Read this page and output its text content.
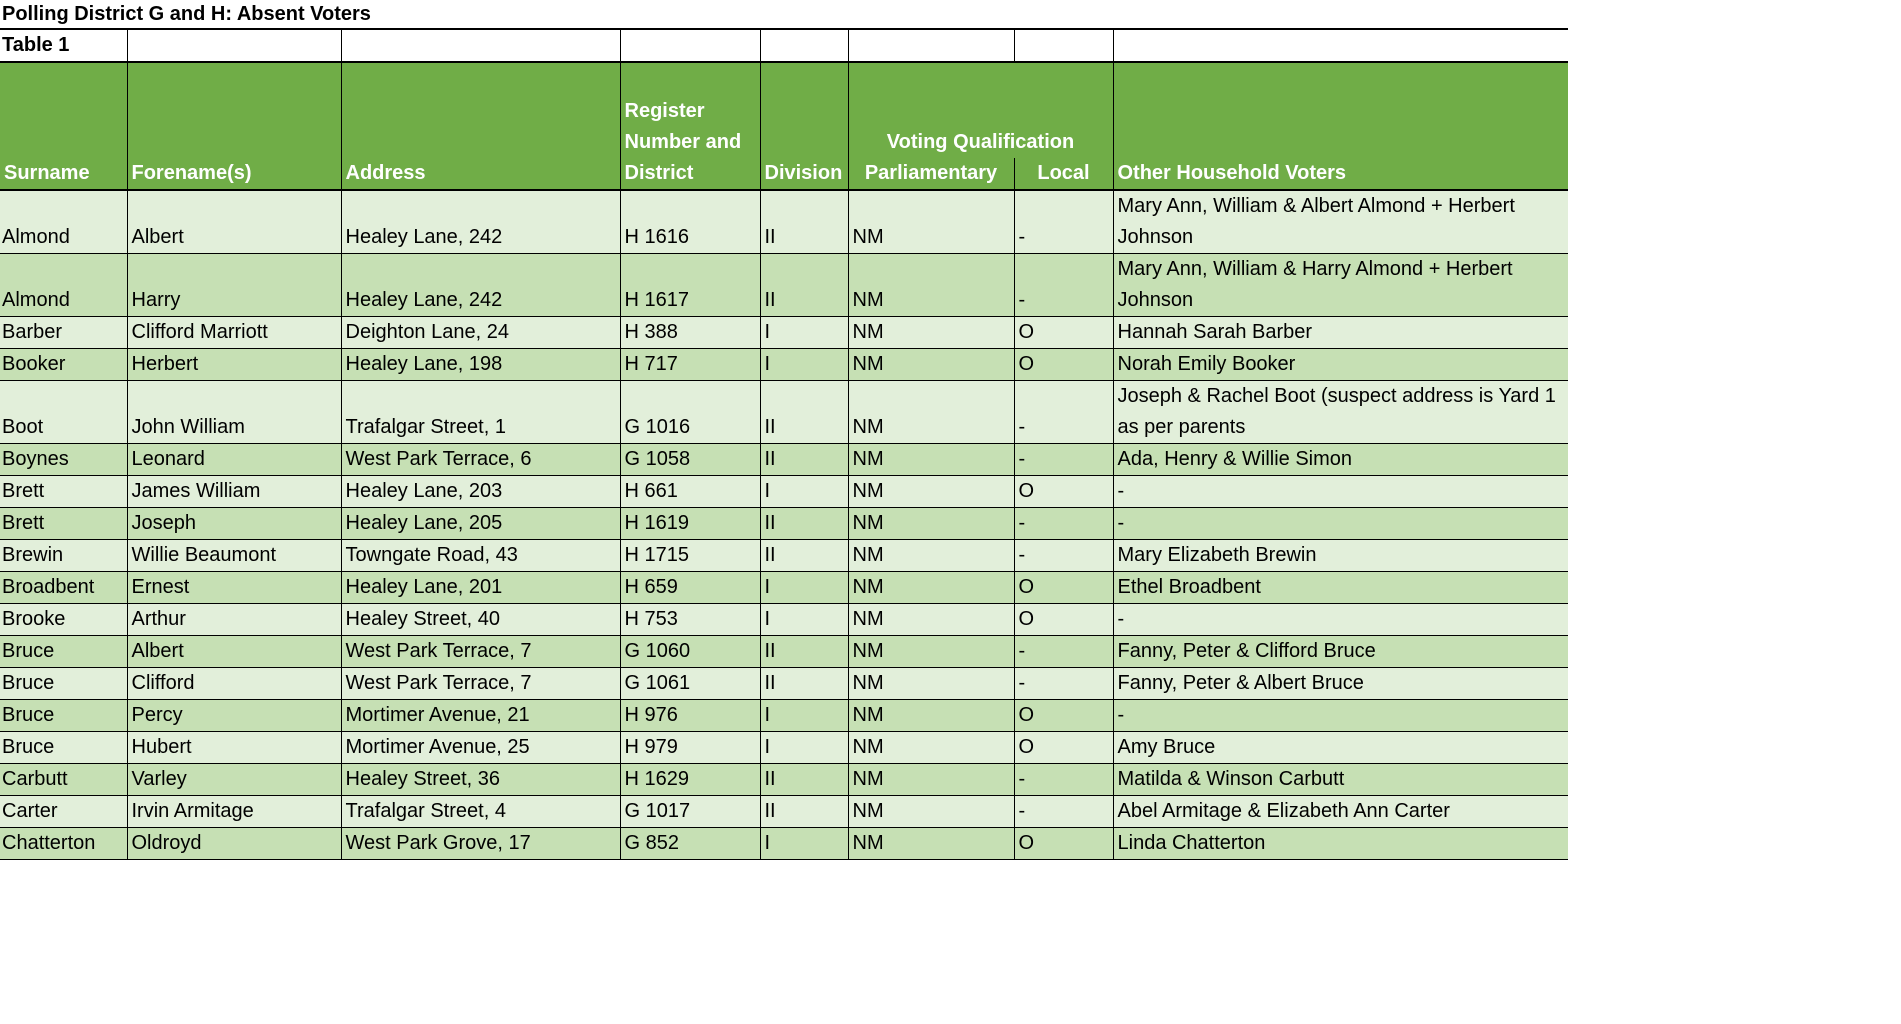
Polling District G and H: Absent Voters
Table 1							
Surname	Forename(s)	Address	Register Number and District	Division	Voting Qualification		Other Household Voters
					Parliamentary	Local	
Almond	Albert	Healey Lane, 242	H 1616	II	NM	-	Mary Ann, William & Albert Almond + Herbert Johnson
Almond	Harry	Healey Lane, 242	H 1617	II	NM	-	Mary Ann, William & Harry Almond + Herbert Johnson
Barber	Clifford Marriott	Deighton Lane, 24	H 388	I	NM	O	Hannah Sarah Barber
Booker	Herbert	Healey Lane, 198	H 717	I	NM	O	Norah Emily Booker
Boot	John William	Trafalgar Street, 1	G 1016	II	NM	-	Joseph & Rachel Boot (suspect address is Yard 1 as per parents
Boynes	Leonard	West Park Terrace, 6	G 1058	II	NM	-	Ada, Henry & Willie Simon
Brett	James William	Healey Lane, 203	H 661	I	NM	O	-
Brett	Joseph	Healey Lane, 205	H 1619	II	NM	-	-
Brewin	Willie Beaumont	Towngate Road, 43	H 1715	II	NM	-	Mary Elizabeth Brewin
Broadbent	Ernest	Healey Lane, 201	H 659	I	NM	O	Ethel Broadbent
Brooke	Arthur	Healey Street, 40	H 753	I	NM	O	-
Bruce	Albert	West Park Terrace, 7	G 1060	II	NM	-	Fanny, Peter & Clifford Bruce
Bruce	Clifford	West Park Terrace, 7	G 1061	II	NM	-	Fanny, Peter & Albert Bruce
Bruce	Percy	Mortimer Avenue, 21	H 976	I	NM	O	-
Bruce	Hubert	Mortimer Avenue, 25	H 979	I	NM	O	Amy Bruce
Carbutt	Varley	Healey Street, 36	H 1629	II	NM	-	Matilda & Winson Carbutt
Carter	Irvin Armitage	Trafalgar Street, 4	G 1017	II	NM	-	Abel Armitage & Elizabeth Ann Carter
Chatterton	Oldroyd	West Park Grove, 17	G 852	I	NM	O	Linda Chatterton
